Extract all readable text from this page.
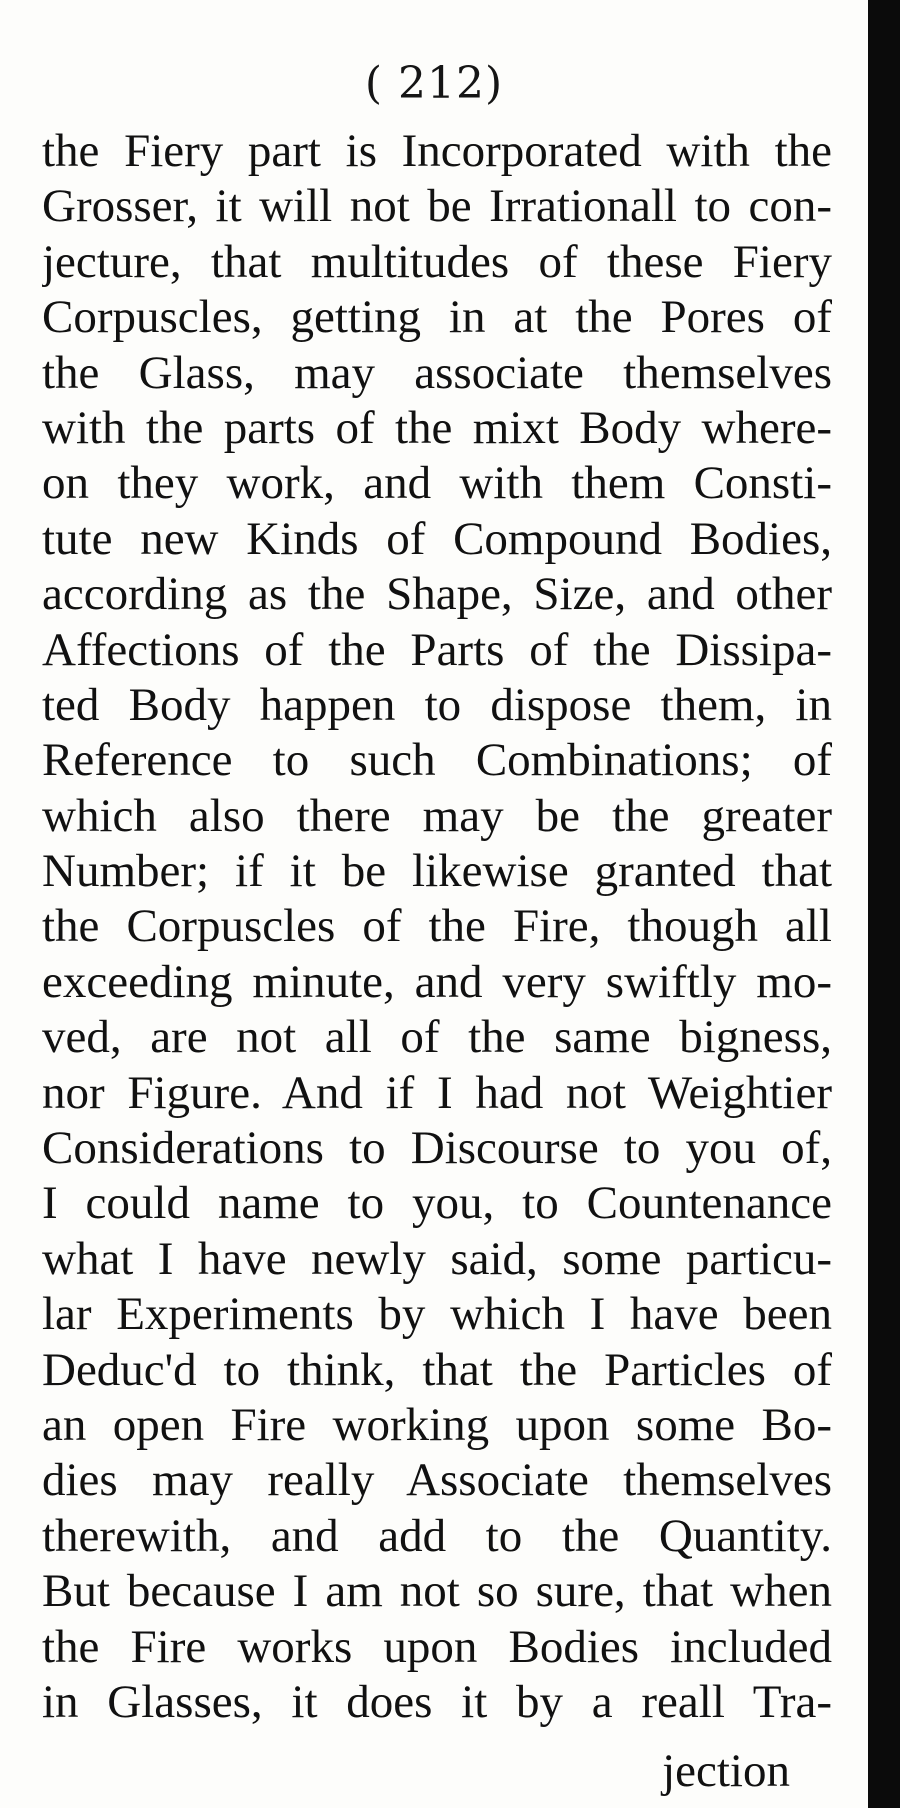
( 212)
the Fiery part is Incorporated with the
Grosser, it will not be Irrationall to con-
jecture, that multitudes of these Fiery
Corpuscles, getting in at the Pores of
the Glass, may associate themselves
with the parts of the mixt Body where-
on they work, and with them Consti-
tute new Kinds of Compound Bodies,
according as the Shape, Size, and other
Affections of the Parts of the Dissipa-
ted Body happen to dispose them, in
Reference to such Combinations; of
which also there may be the greater
Number; if it be likewise granted that
the Corpuscles of the Fire, though all
exceeding minute, and very swiftly mo-
ved, are not all of the same bigness,
nor Figure. And if I had not Weightier
Considerations to Discourse to you of,
I could name to you, to Countenance
what I have newly said, some particu-
lar Experiments by which I have been
Deduc'd to think, that the Particles of
an open Fire working upon some Bo-
dies may really Associate themselves
therewith, and add to the Quantity.
But because I am not so sure, that when
the Fire works upon Bodies included
in Glasses, it does it by a reall Tra-
jection
